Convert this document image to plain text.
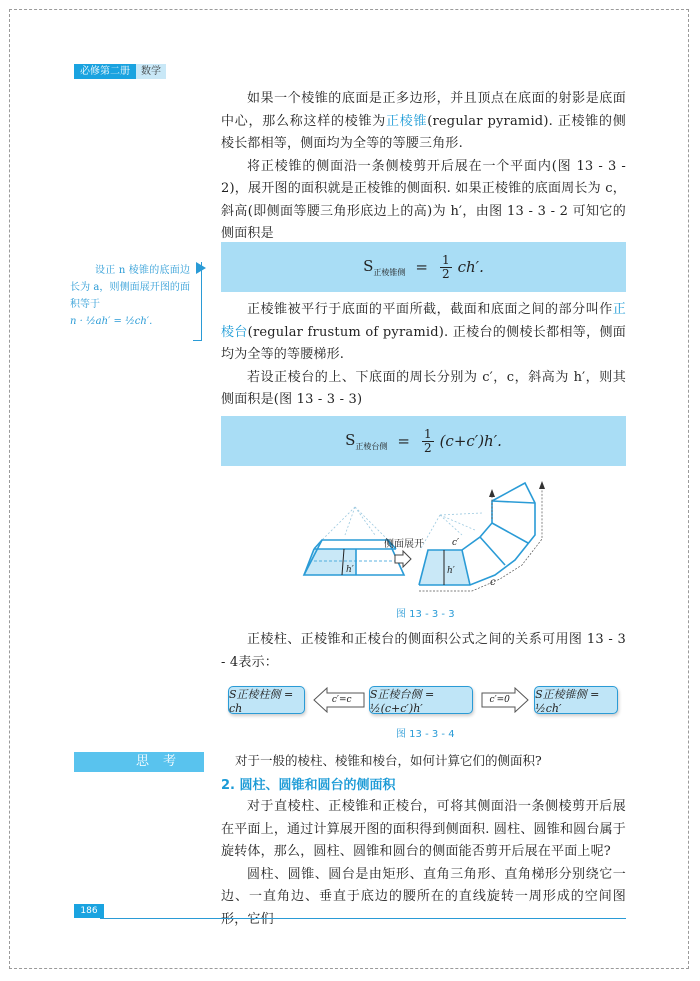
必修第二册	数学

如果一个棱锥的底面是正多边形，并且顶点在底面的射影是底面中心，那么称这样的棱锥为正棱锥(regular pyramid). 正棱锥的侧棱长都相等，侧面均为全等的等腰三角形.

将正棱锥的侧面沿一条侧棱剪开后展在一个平面内(图 13 - 3 - 2)，展开图的面积就是正棱锥的侧面积. 如果正棱锥的底面周长为 c，斜高(即侧面等腰三角形底边上的高)为 h′，由图 13 - 3 - 2 可知它的侧面积是

$S_{正棱锥侧} = \frac{1}{2} ch'$.
设正 n 棱锥的底面边长为 a，则侧面展开图的面积等于
n · ½ah′ = ½ch′.

正棱锥被平行于底面的平面所截，截面和底面之间的部分叫作正棱台(regular frustum of pyramid). 正棱台的侧棱长都相等，侧面均为全等的等腰梯形.

若设正棱台的上、下底面的周长分别为 c′，c，斜高为 h′，则其侧面积是(图 13 - 3 - 3)

$S_{正棱台侧} = \frac{1}{2} (c+c')h'$.
h′
侧面展开
h′
c′
c
图 13 - 3 - 3

正棱柱、正棱锥和正棱台的侧面积公式之间的关系可用图 13 - 3 - 4表示：

S正棱柱侧 = ch
c′=c S正棱台侧 = ½(c+c′)h′
c′=0 S正棱锥侧 = ½ch′
图 13 - 3 - 4
思考	对于一般的棱柱、棱锥和棱台，如何计算它们的侧面积?
2. 圆柱、圆锥和圆台的侧面积

对于直棱柱、正棱锥和正棱台，可将其侧面沿一条侧棱剪开后展在平面上，通过计算展开图的面积得到侧面积. 圆柱、圆锥和圆台属于旋转体，那么，圆柱、圆锥和圆台的侧面能否剪开后展在平面上呢?

圆柱、圆锥、圆台是由矩形、直角三角形、直角梯形分别绕它一边、一直角边、垂直于底边的腰所在的直线旋转一周形成的空间图形，它们

186
